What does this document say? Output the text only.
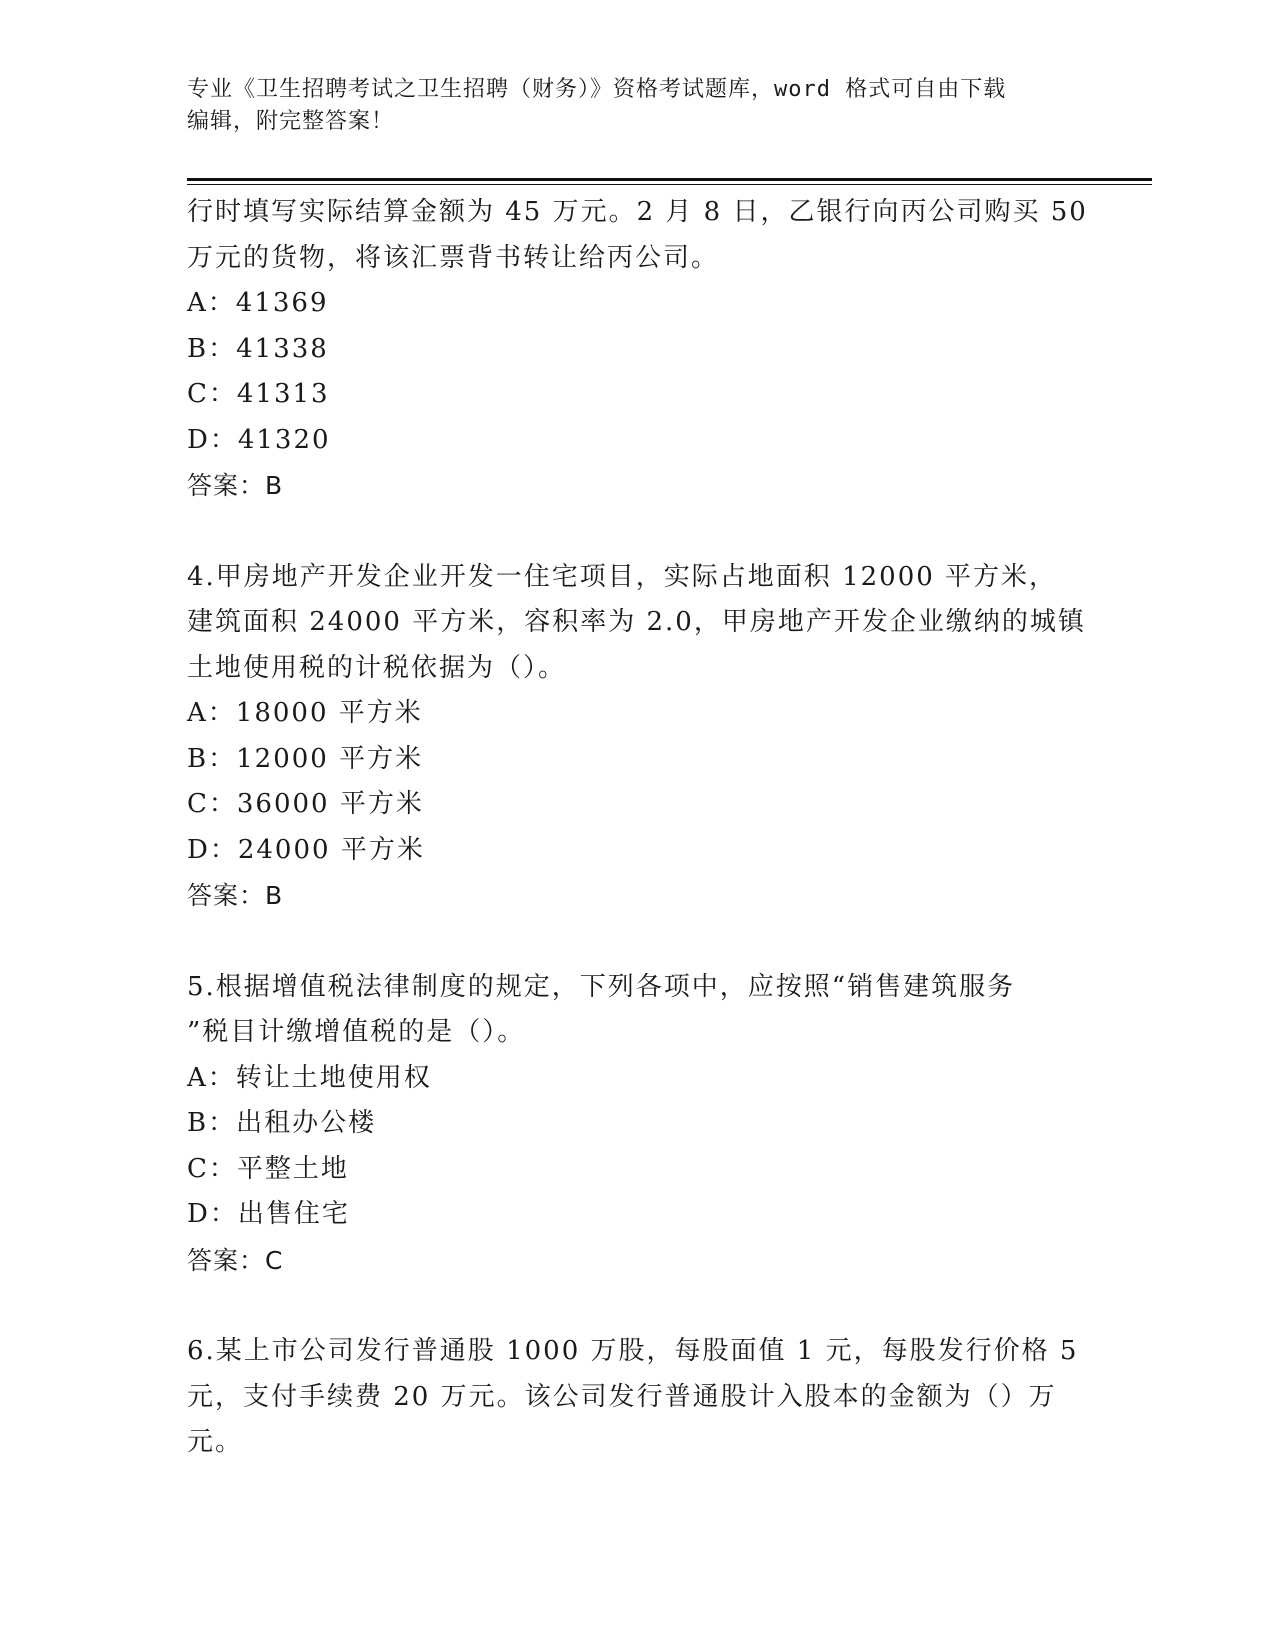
专业《卫生招聘考试之卫生招聘（财务）》资格考试题库，word 格式可自由下载
编辑，附完整答案！
行时填写实际结算金额为 45 万元。2 月 8 日，乙银行向丙公司购买 50
万元的货物，将该汇票背书转让给丙公司。
A：41369
B：41338
C：41313
D：41320
答案：B
4.甲房地产开发企业开发一住宅项目，实际占地面积 12000 平方米，
建筑面积 24000 平方米，容积率为 2.0，甲房地产开发企业缴纳的城镇
土地使用税的计税依据为（）。
A：18000 平方米
B：12000 平方米
C：36000 平方米
D：24000 平方米
答案：B
5.根据增值税法律制度的规定，下列各项中，应按照“销售建筑服务
”税目计缴增值税的是（）。
A：转让土地使用权
B：出租办公楼
C：平整土地
D：出售住宅
答案：C
6.某上市公司发行普通股 1000 万股，每股面值 1 元，每股发行价格 5
元，支付手续费 20 万元。该公司发行普通股计入股本的金额为（）万
元。
